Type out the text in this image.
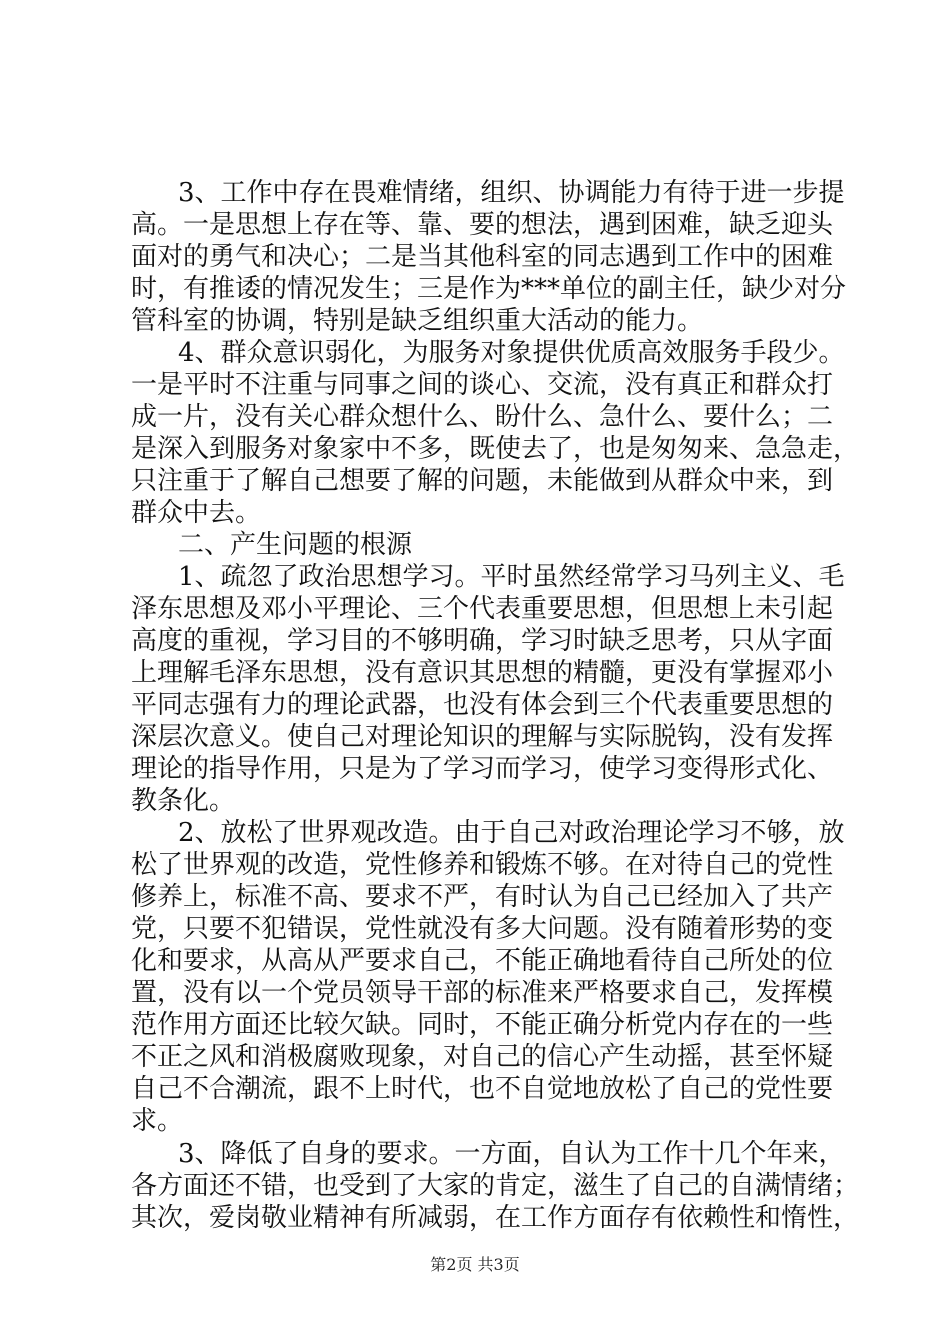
3、工作中存在畏难情绪，组织、协调能力有待于进一步提
高。一是思想上存在等、靠、要的想法，遇到困难，缺乏迎头
面对的勇气和决心；二是当其他科室的同志遇到工作中的困难
时，有推诿的情况发生；三是作为***单位的副主任，缺少对分
管科室的协调，特别是缺乏组织重大活动的能力。
4、群众意识弱化，为服务对象提供优质高效服务手段少。
一是平时不注重与同事之间的谈心、交流，没有真正和群众打
成一片，没有关心群众想什么、盼什么、急什么、要什么；二
是深入到服务对象家中不多，既使去了，也是匆匆来、急急走，
只注重于了解自己想要了解的问题，未能做到从群众中来，到
群众中去。
二、产生问题的根源
1、疏忽了政治思想学习。平时虽然经常学习马列主义、毛
泽东思想及邓小平理论、三个代表重要思想，但思想上未引起
高度的重视，学习目的不够明确，学习时缺乏思考，只从字面
上理解毛泽东思想，没有意识其思想的精髓，更没有掌握邓小
平同志强有力的理论武器，也没有体会到三个代表重要思想的
深层次意义。使自己对理论知识的理解与实际脱钩，没有发挥
理论的指导作用，只是为了学习而学习，使学习变得形式化、
教条化。
2、放松了世界观改造。由于自己对政治理论学习不够，放
松了世界观的改造，党性修养和锻炼不够。在对待自己的党性
修养上，标准不高、要求不严，有时认为自己已经加入了共产
党，只要不犯错误，党性就没有多大问题。没有随着形势的变
化和要求，从高从严要求自己，不能正确地看待自己所处的位
置，没有以一个党员领导干部的标准来严格要求自己，发挥模
范作用方面还比较欠缺。同时，不能正确分析党内存在的一些
不正之风和消极腐败现象，对自己的信心产生动摇，甚至怀疑
自己不合潮流，跟不上时代，也不自觉地放松了自己的党性要
求。
3、降低了自身的要求。一方面，自认为工作十几个年来，
各方面还不错，也受到了大家的肯定，滋生了自己的自满情绪；
其次，爱岗敬业精神有所减弱，在工作方面存有依赖性和惰性，
第2页 共3页
